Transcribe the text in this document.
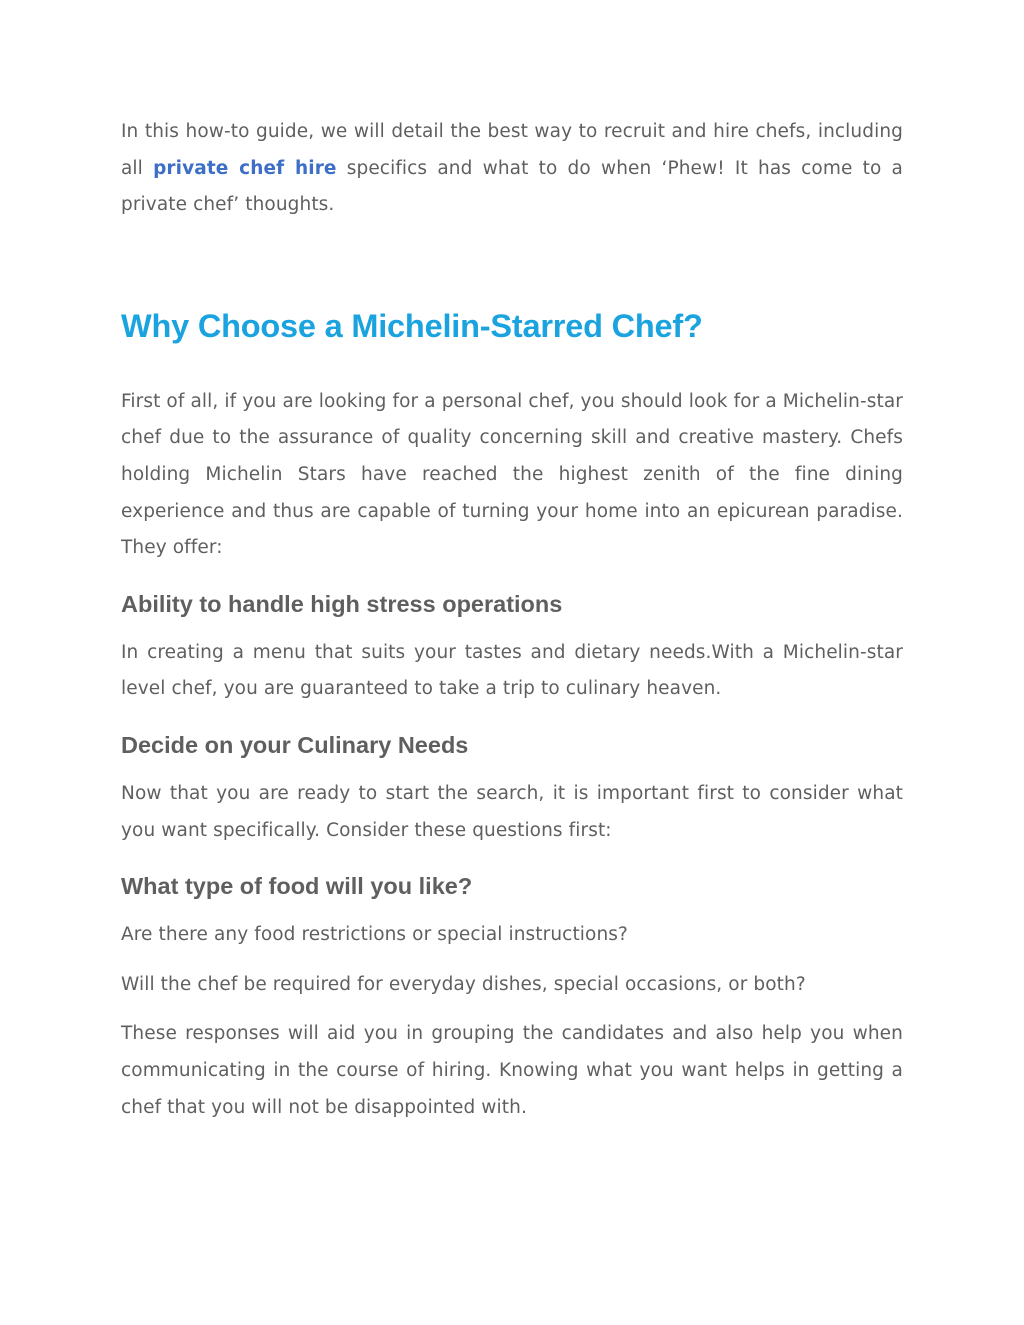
In this how-to guide, we will detail the best way to recruit and hire chefs, including all private chef hire specifics and what to do when ‘Phew! It has come to a private chef’ thoughts.

Why Choose a Michelin-Starred Chef?

First of all, if you are looking for a personal chef, you should look for a Michelin-star chef due to the assurance of quality concerning skill and creative mastery. Chefs holding Michelin Stars have reached the highest zenith of the fine dining experience and thus are capable of turning your home into an epicurean paradise. They offer:

Ability to handle high stress operations

In creating a menu that suits your tastes and dietary needs.With a Michelin-star level chef, you are guaranteed to take a trip to culinary heaven.

Decide on your Culinary Needs

Now that you are ready to start the search, it is important first to consider what you want specifically. Consider these questions first:

What type of food will you like?

Are there any food restrictions or special instructions?

Will the chef be required for everyday dishes, special occasions, or both?

These responses will aid you in grouping the candidates and also help you when communicating in the course of hiring. Knowing what you want helps in getting a chef that you will not be disappointed with.
